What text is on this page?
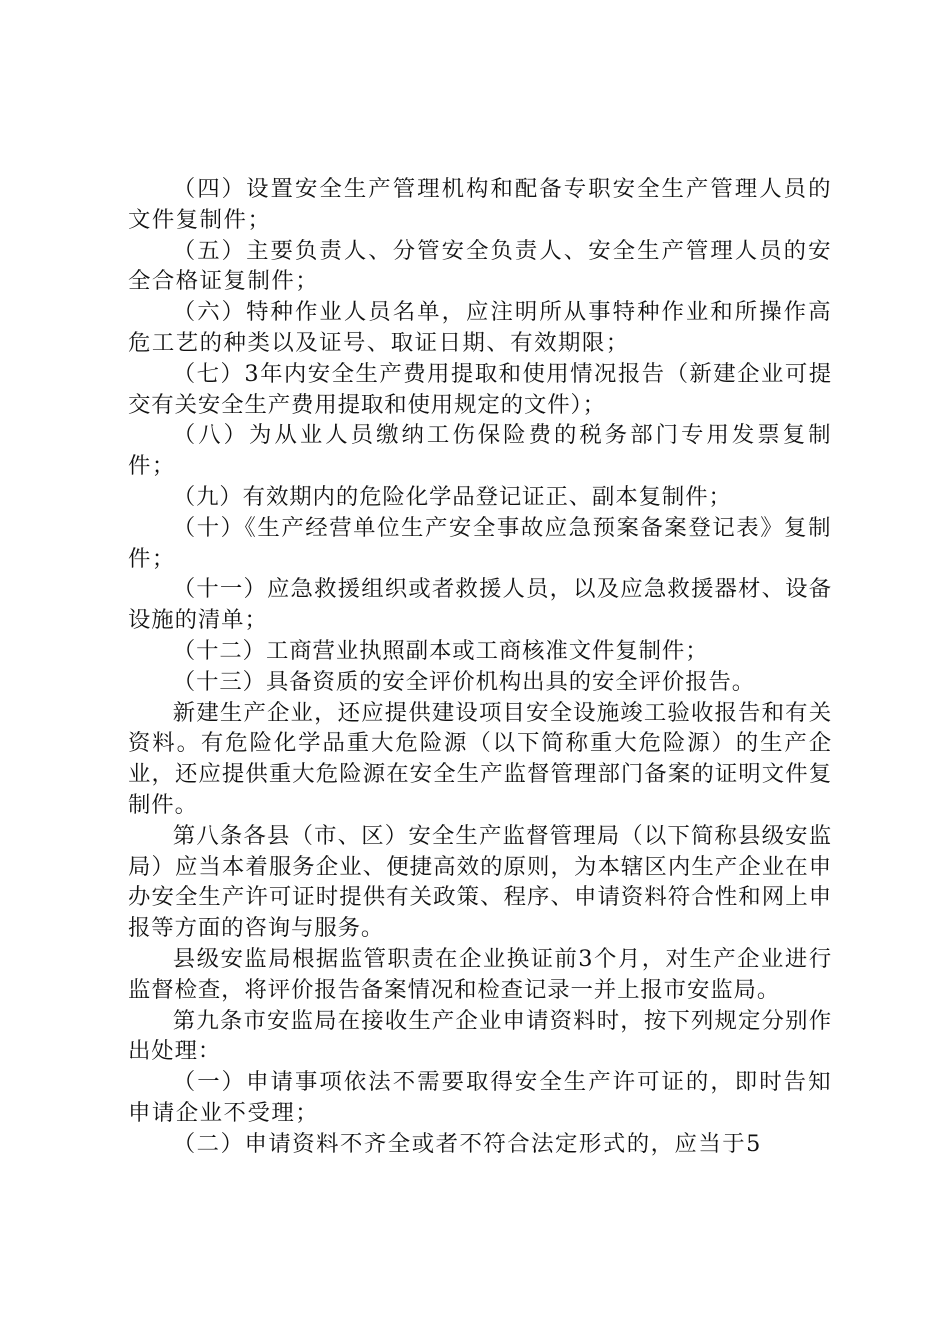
（四）设置安全生产管理机构和配备专职安全生产管理人员的文件复制件；

（五）主要负责人、分管安全负责人、安全生产管理人员的安全合格证复制件；

（六）特种作业人员名单，应注明所从事特种作业和所操作高危工艺的种类以及证号、取证日期、有效期限；

（七）3年内安全生产费用提取和使用情况报告（新建企业可提交有关安全生产费用提取和使用规定的文件）；

（八）为从业人员缴纳工伤保险费的税务部门专用发票复制件；

（九）有效期内的危险化学品登记证正、副本复制件；

（十）《生产经营单位生产安全事故应急预案备案登记表》复制件；

（十一）应急救援组织或者救援人员，以及应急救援器材、设备设施的清单；

（十二）工商营业执照副本或工商核准文件复制件；

（十三）具备资质的安全评价机构出具的安全评价报告。

新建生产企业，还应提供建设项目安全设施竣工验收报告和有关资料。有危险化学品重大危险源（以下简称重大危险源）的生产企业，还应提供重大危险源在安全生产监督管理部门备案的证明文件复制件。

第八条各县（市、区）安全生产监督管理局（以下简称县级安监局）应当本着服务企业、便捷高效的原则，为本辖区内生产企业在申办安全生产许可证时提供有关政策、程序、申请资料符合性和网上申报等方面的咨询与服务。

县级安监局根据监管职责在企业换证前3个月，对生产企业进行监督检查，将评价报告备案情况和检查记录一并上报市安监局。

第九条市安监局在接收生产企业申请资料时，按下列规定分别作出处理：

（一）申请事项依法不需要取得安全生产许可证的，即时告知申请企业不受理；

（二）申请资料不齐全或者不符合法定形式的，应当于5
